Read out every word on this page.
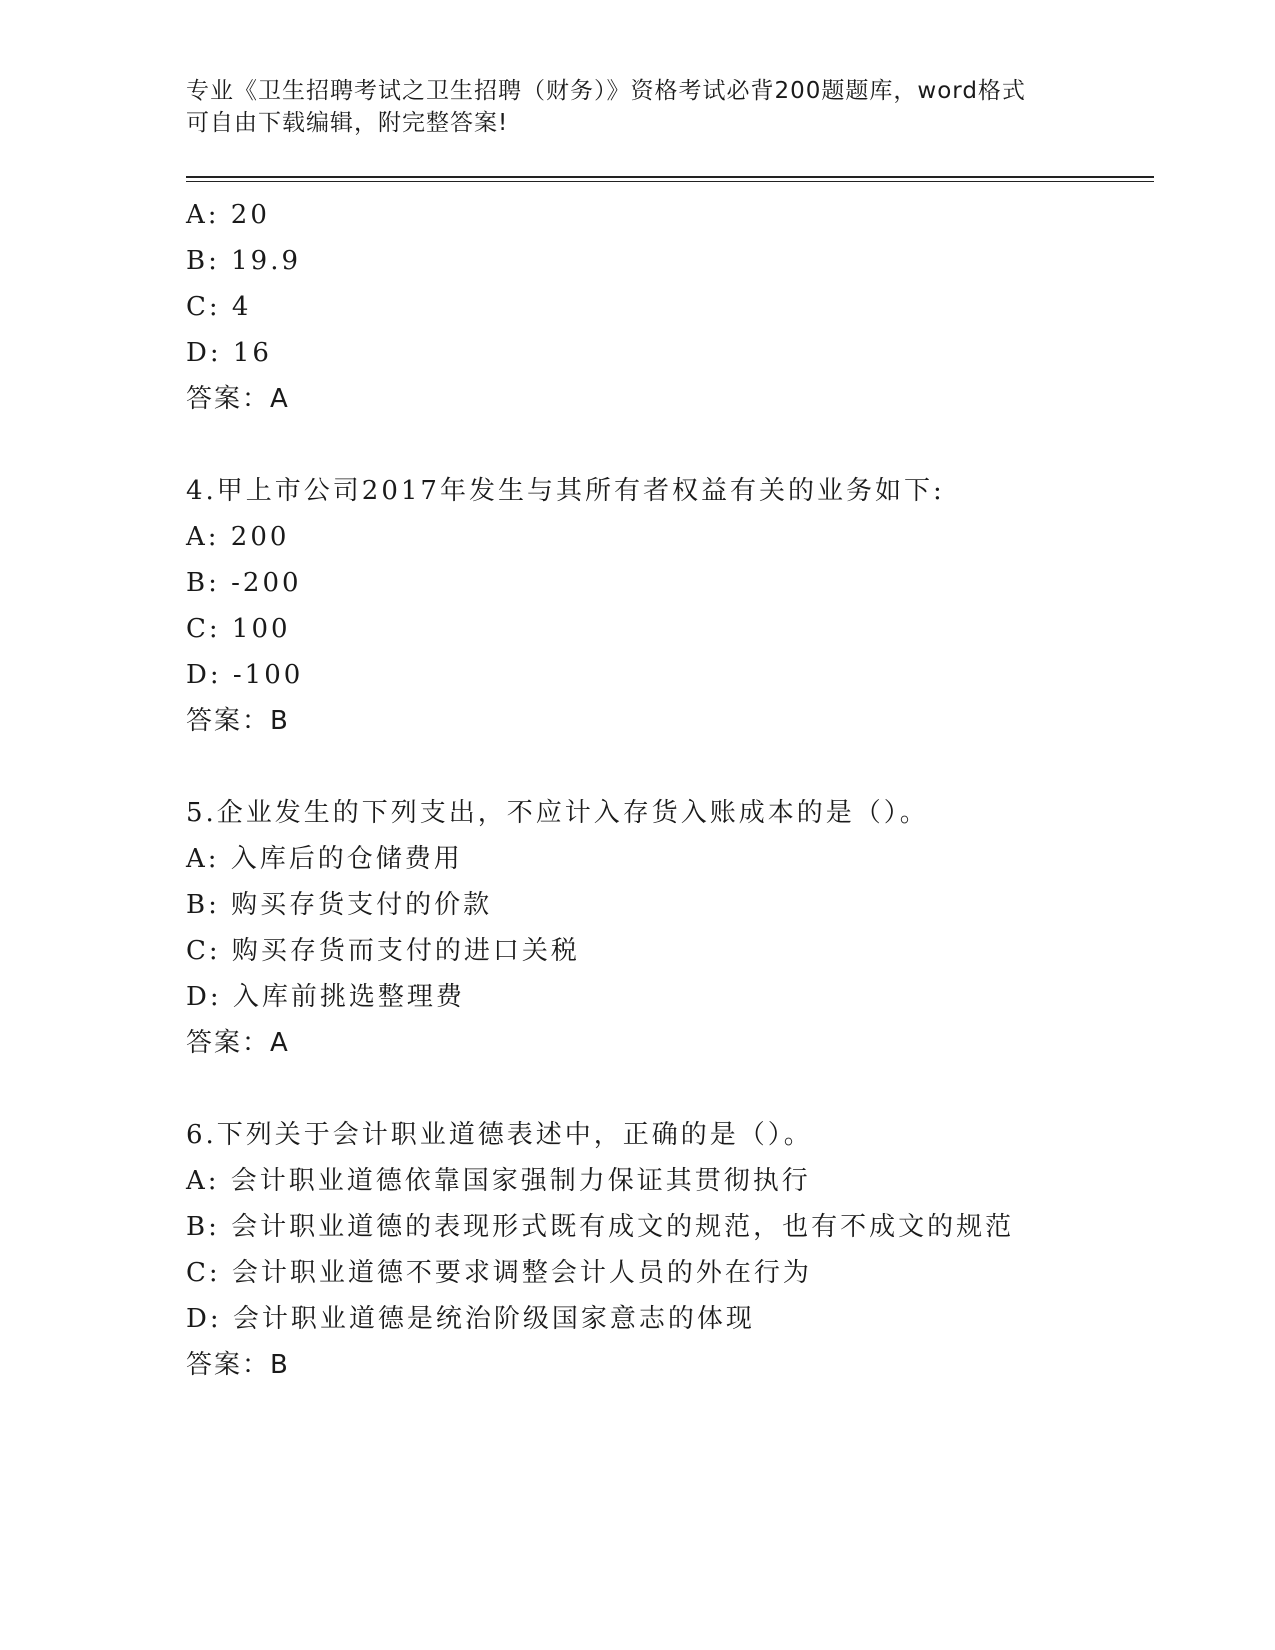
专业《卫生招聘考试之卫生招聘（财务）》资格考试必背200题题库，word格式
可自由下载编辑，附完整答案!
A: 20
B: 19.9
C: 4
D: 16
答案：A
4.甲上市公司2017年发生与其所有者权益有关的业务如下:
A: 200
B: -200
C: 100
D: -100
答案：B
5.企业发生的下列支出，不应计入存货入账成本的是（）。
A: 入库后的仓储费用
B: 购买存货支付的价款
C: 购买存货而支付的进口关税
D: 入库前挑选整理费
答案：A
6.下列关于会计职业道德表述中，正确的是（）。
A: 会计职业道德依靠国家强制力保证其贯彻执行
B: 会计职业道德的表现形式既有成文的规范，也有不成文的规范
C: 会计职业道德不要求调整会计人员的外在行为
D: 会计职业道德是统治阶级国家意志的体现
答案：B
